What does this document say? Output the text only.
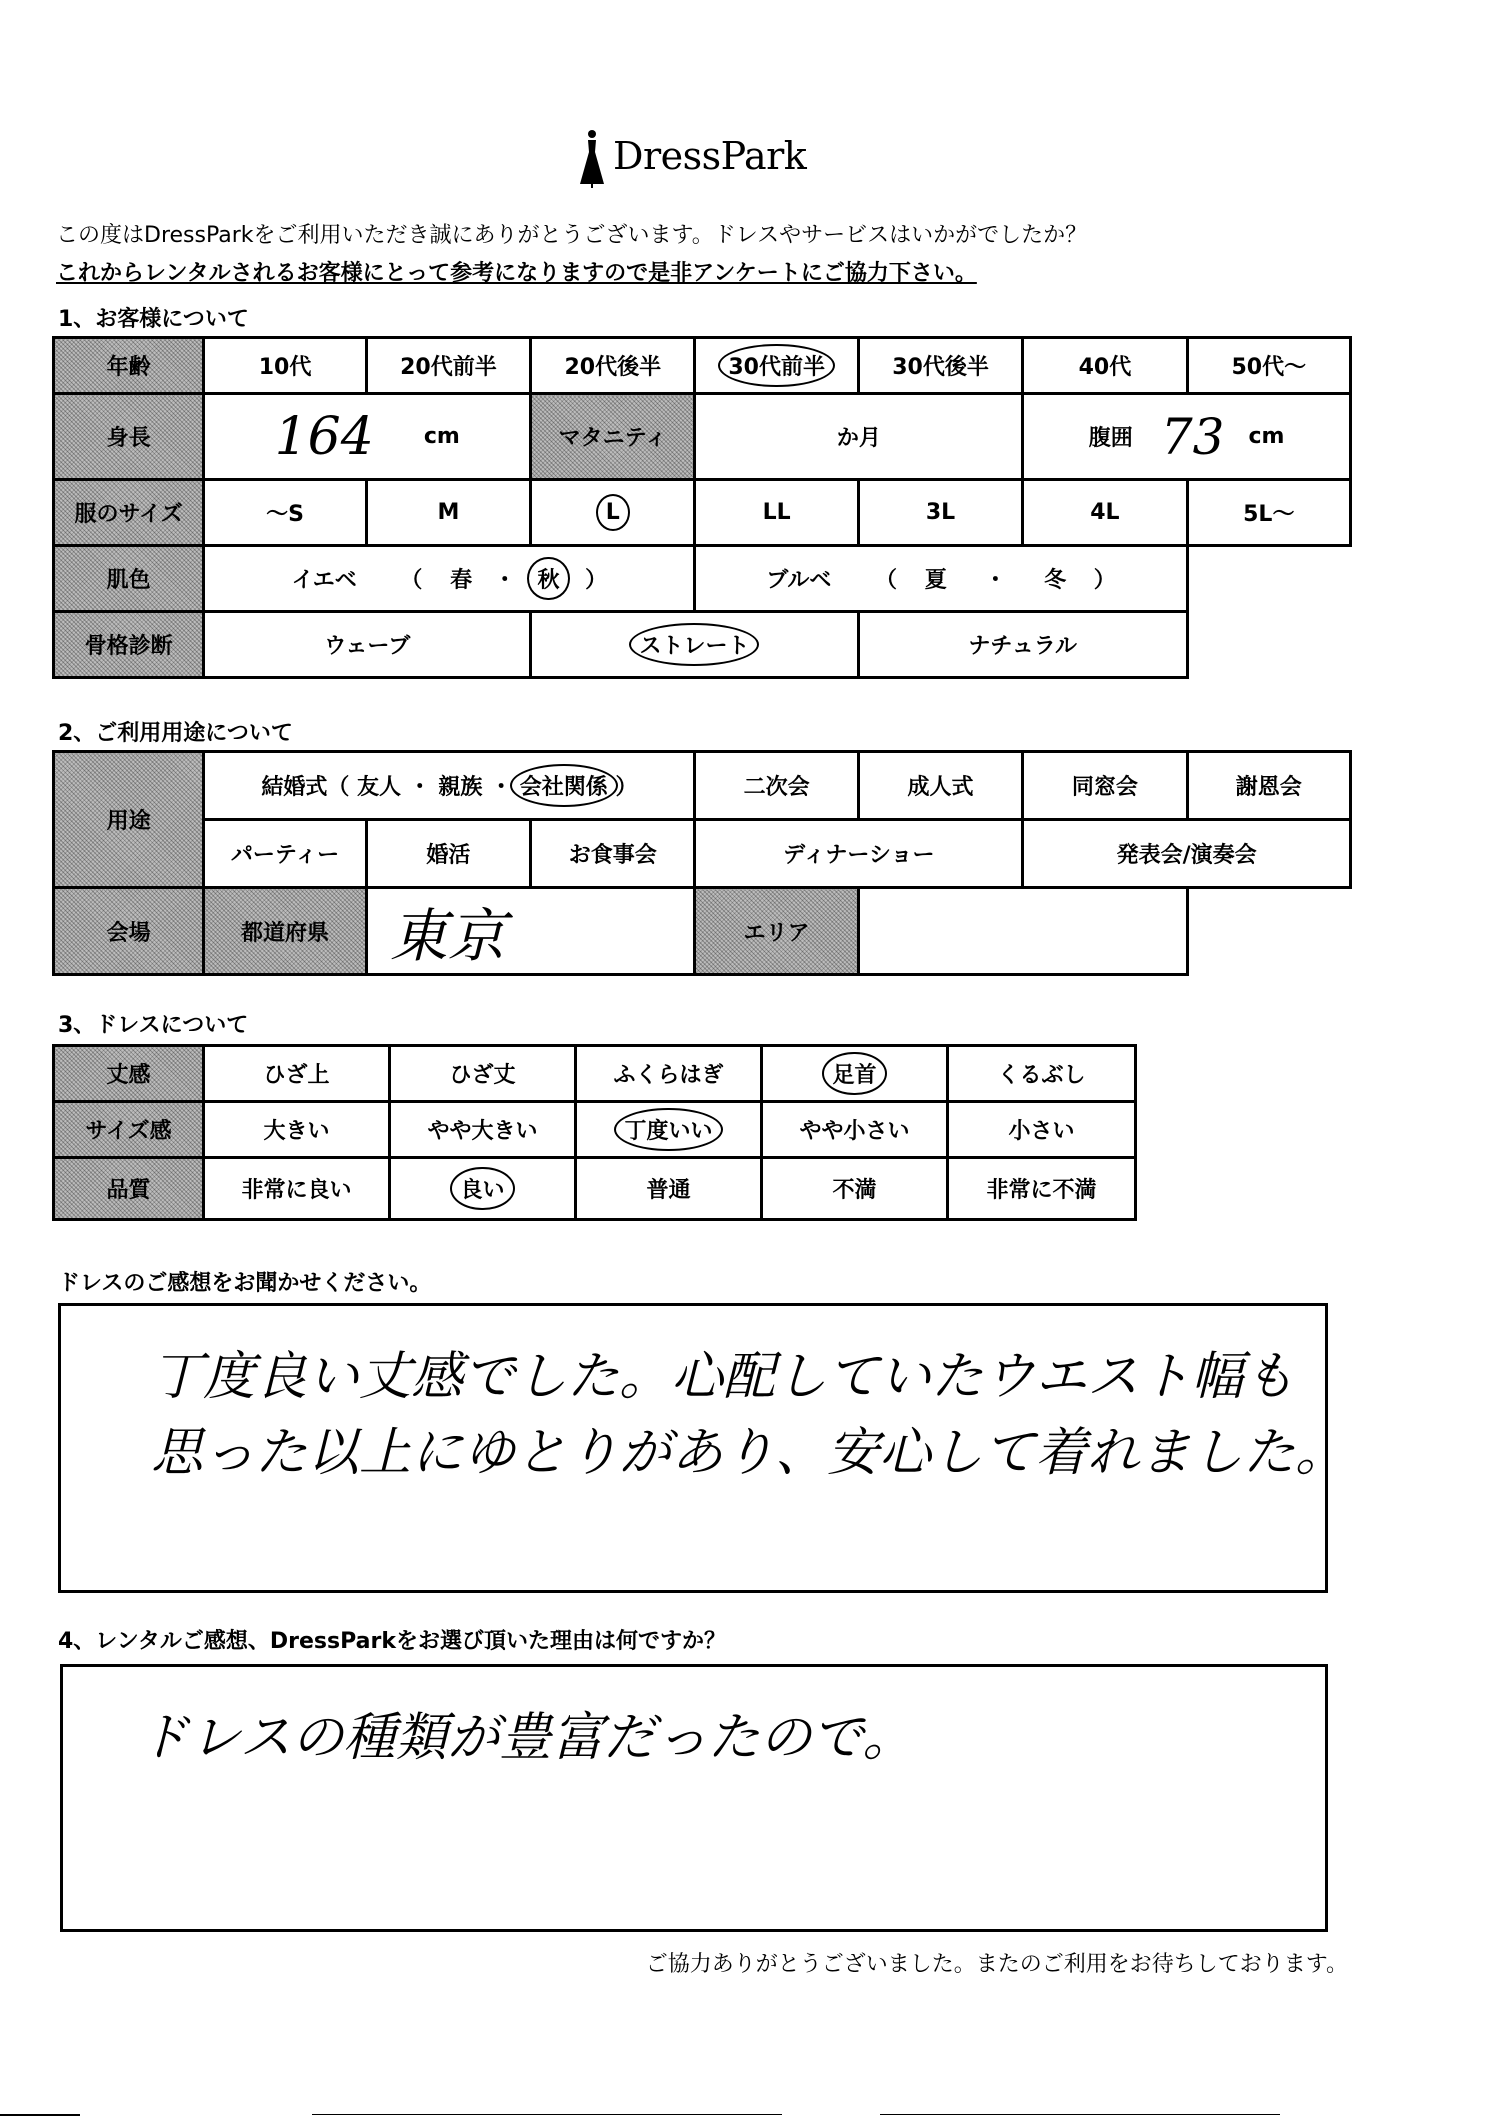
DressPark
この度はDressParkをご利用いただき誠にありがとうございます。ドレスやサービスはいかがでしたか？
これからレンタルされるお客様にとって参考になりますので是非アンケートにご協力下さい。
1、お客様について
年齢	10代	20代前半	20代後半	30代前半	30代後半	40代	50代〜
身長	164 cm		マタニティ	か月		腹囲 73 cm	

服のサイズ	〜S	M	L	LL	3L	4L	5L〜
肌色	イエベ （ 春 ・ 秋 ）			ブルベ （ 夏 ・ 冬 ）			
骨格診断	ウェーブ		ストレート		ナチュラル		
2、ご利用用途について
用途	結婚式（ 友人 ・ 親族 ・ 会社関係 ）			二次会	成人式	同窓会	謝恩会
	パーティー	婚活	お食事会	ディナーショー		発表会/演奏会	
会場	都道府県	東京		エリア			
3、ドレスについて
丈感	ひざ上	ひざ丈	ふくらはぎ	足首	くるぶし
サイズ感	大きい	やや大きい	丁度いい	やや小さい	小さい
品質	非常に良い	良い	普通	不満	非常に不満
ドレスのご感想をお聞かせください。
丁度良い丈感でした。心配していたウエスト幅も
思った以上にゆとりがあり、安心して着れました。
4、レンタルご感想、DressParkをお選び頂いた理由は何ですか？
ドレスの種類が豊富だったので。
ご協力ありがとうございました。またのご利用をお待ちしております。
